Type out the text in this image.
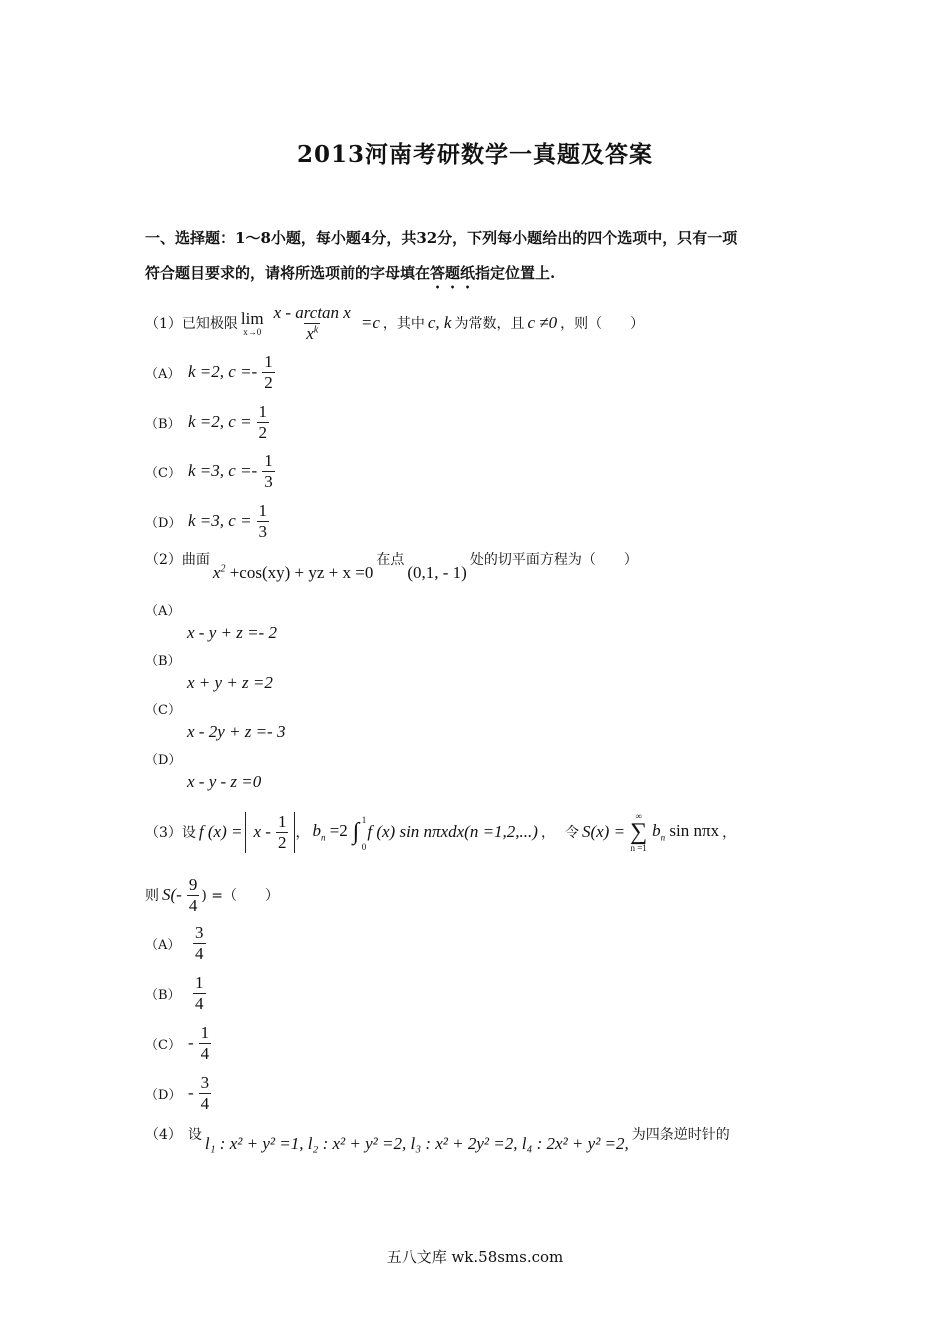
2013河南考研数学一真题及答案
一、选择题：1～8小题，每小题4分，共32分，下列每小题给出的四个选项中，只有一项
符合题目要求的，请将所选项前的字母填在答题纸指定位置上.
（1） 已知极限 lim
$x\to 0 \frac{\text{x - arctan x}}{x^k} =c$ ，其中 c, k 为常数，且 c ≠0 ，则（　　）
（A） k =2, $c =- \frac{1}{2}$
（B） k =2, $c = \frac{1}{2}$
（C） k =3, $c =- \frac{1}{3}$
（D） k =3, $c = \frac{1}{3}$
（2） 曲面
$x^2 +\cos(xy)$ + yz + x =0
在点
(0,1, - 1)
处的切平面方程为（　　）
（A）
x - y + z =- 2
（B）
x + y + z =2
（C）
x - 2y + z =- 3
（D）
x - y - z =0
（3） 设 f $(x) = x - \frac{1}{2}$ ， $b_n =2$ ∫ 1
0
f (x) sin nπxdx(n =1,2,...) ， 令 S(x) =
∞
∑
n =1
$b_n$ sin nπx ，
则 $S(- \frac{9}{4}$ ) =（　　）
$(A) \frac{3}{4}$
$(B) \frac{1}{4}$
$(C) - \frac{1}{4}$
$(D) - \frac{3}{4}$
（4） 设 l₁ : x² + y² =1, l₂ : x² + y² =2, l₃ : x² + 2y² =2, l₄ : 2x² + y² =2, 为四条逆时针的
五八文库 wk.58sms.com
